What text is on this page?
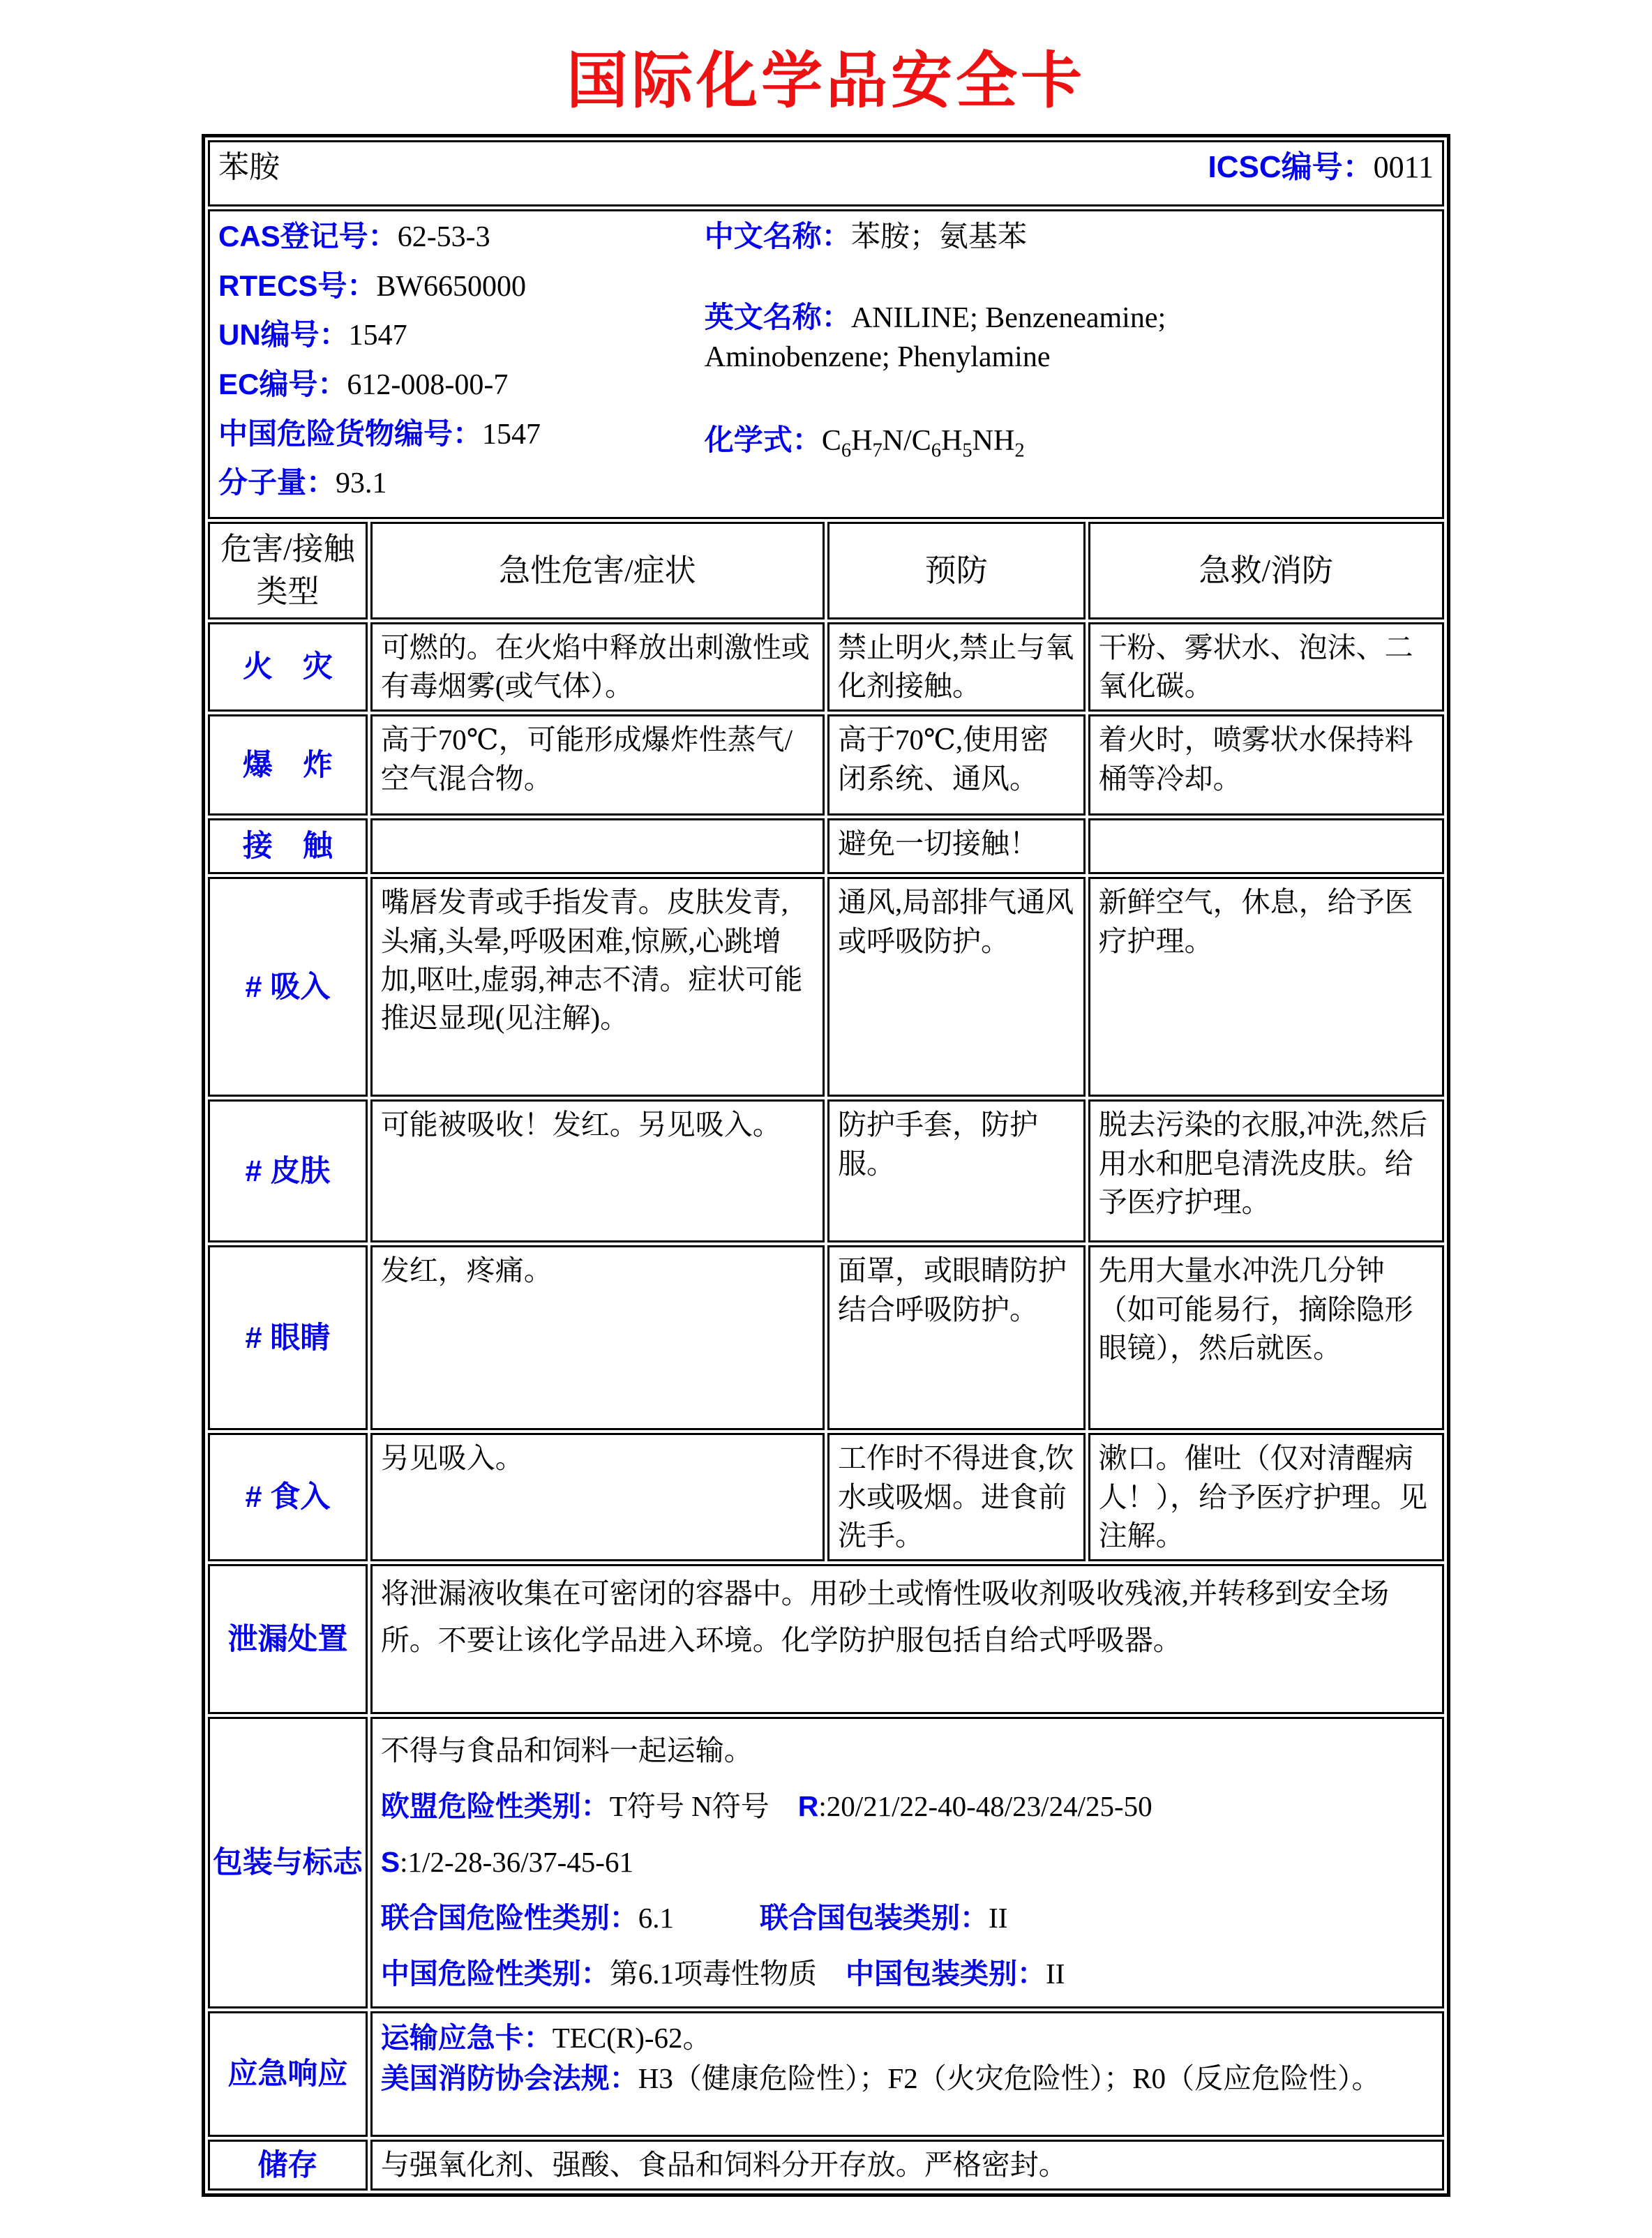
国际化学品安全卡
苯胺 ICSC编号：0011			

CAS登记号：62-53-3
RTECS号：BW6650000
UN编号：1547
EC编号：612-008-00-7
中国危险货物编号：1547
分子量：93.1
中文名称：苯胺；氨基苯
英文名称：ANILINE; Benzeneamine; Aminobenzene; Phenylamine
化学式：$C_6H_7N/C_6H_5NH_2$

危害/接触
类型	急性危害/症状	预防	急救/消防
火　灾	可燃的。在火焰中释放出刺激性或有毒烟雾(或气体）。	禁止明火,禁止与氧化剂接触。	干粉、雾状水、泡沫、二氧化碳。
爆　炸	高于70℃，可能形成爆炸性蒸气/空气混合物。	高于70℃,使用密闭系统、通风。	着火时，喷雾状水保持料桶等冷却。
接　触		避免一切接触！	
# 吸入	嘴唇发青或手指发青。皮肤发青,头痛,头晕,呼吸困难,惊厥,心跳增加,呕吐,虚弱,神志不清。症状可能推迟显现(见注解)。	通风,局部排气通风或呼吸防护。	新鲜空气，休息，给予医疗护理。
# 皮肤	可能被吸收！发红。另见吸入。	防护手套，防护服。	脱去污染的衣服,冲洗,然后用水和肥皂清洗皮肤。给予医疗护理。
# 眼睛	发红，疼痛。	面罩，或眼睛防护结合呼吸防护。	先用大量水冲洗几分钟（如可能易行，摘除隐形眼镜），然后就医。
# 食入	另见吸入。	工作时不得进食,饮水或吸烟。进食前洗手。	漱口。催吐（仅对清醒病人！），给予医疗护理。见注解。
泄漏处置	将泄漏液收集在可密闭的容器中。用砂土或惰性吸收剂吸收残液,并转移到安全场所。不要让该化学品进入环境。化学防护服包括自给式呼吸器。		

包装与标志	不得与食品和饲料一起运输。
欧盟危险性类别：T符号 N符号　R:20/21/22-40-48/23/24/25-50
S:1/2-28-36/37-45-61
联合国危险性类别：6.1　　　联合国包装类别：II
中国危险性类别：第6.1项毒性物质　中国包装类别：II		

应急响应	运输应急卡：TEC(R)-62。
美国消防协会法规：H3（健康危险性）；F2（火灾危险性）；R0（反应危险性）。		

储存	与强氧化剂、强酸、食品和饲料分开存放。严格密封。		
